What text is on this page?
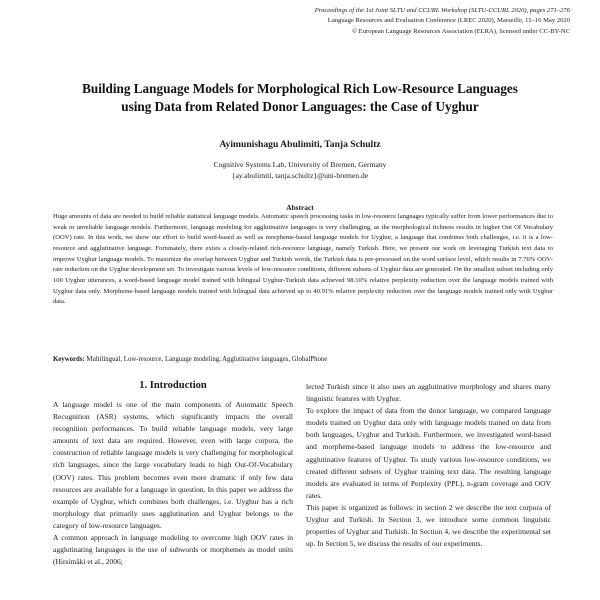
Proceedings of the 1st Joint SLTU and CCURL Workshop (SLTU-CCURL 2020), pages 271–276
Language Resources and Evaluation Conference (LREC 2020), Marseille, 11–16 May 2020
© European Language Resources Association (ELRA), licensed under CC-BY-NC
Building Language Models for Morphological Rich Low-Resource Languages
using Data from Related Donor Languages: the Case of Uyghur
Ayimunishagu Abulimiti, Tanja Schultz
Cognitive Systems Lab, University of Bremen, Germany
{ay.abulimiti, tanja.schultz}@uni-bremen.de
Abstract
Huge amounts of data are needed to build reliable statistical language models. Automatic speech processing tasks in low-resource languages typically suffer from lower performances due to weak or unreliable language models. Furthermore, language modeling for agglutinative languages is very challenging, as the morphological richness results in higher Out Of Vocabulary (OOV) rate. In this work, we show our effort to build word-based as well as morpheme-based language models for Uyghur, a language that combines both challenges, i.e. it is a low-resource and agglutinative language. Fortunately, there exists a closely-related rich-resource language, namely Turkish. Here, we present our work on leveraging Turkish text data to improve Uyghur language models. To maximize the overlap between Uyghur and Turkish words, the Turkish data is pre-processed on the word surface level, which results in 7.76% OOV-rate reduction on the Uyghur development set. To investigate various levels of low-resource conditions, different subsets of Uyghur data are generated. On the smallest subset including only 100 Uyghur utterances, a word-based language model trained with bilingual Uyghur-Turkish data achieved 98.10% relative perplexity reduction over the language models trained with Uyghur data only. Morpheme-based language models trained with bilingual data achieved up to 40.91% relative perplexity reduction over the language models trained only with Uyghur data.
Keywords: Multilingual, Low-resource, Language modeling, Agglutinative languages, GlobalPhone
1. Introduction

A language model is one of the main components of Automatic Speech Recognition (ASR) systems, which significantly impacts the overall recognition performances. To build reliable language models, very large amounts of text data are required. However, even with large corpora, the construction of reliable language models is very challenging for morphological rich languages, since the large vocabulary leads to high Out-Of-Vocabulary (OOV) rates. This problem becomes even more dramatic if only few data resources are available for a language in question. In this paper we address the example of Uyghur, which combines both challenges, i.e. Uyghur has a rich morphology that primarily uses agglutination and Uyghur belongs to the category of low-resource languages.

A common approach in language modeling to overcome high OOV rates in agglutinating languages is the use of subwords or morphemes as model units (Hirsimäki et al., 2006;

lected Turkish since it also uses an agglutinative morphology and shares many linguistic features with Uyghur.

To explore the impact of data from the donor language, we compared language models trained on Uyghur data only with language models trained on data from both languages, Uyghur and Turkish. Furthermore, we investigated word-based and morpheme-based language models to address the low-resource and agglutinative features of Uyghur. To study various low-resource conditions, we created different subsets of Uyghur training text data. The resulting language models are evaluated in terms of Perplexity (PPL), n-gram coverage and OOV rates.

This paper is organized as follows: in section 2 we describe the text corpora of Uyghur and Turkish. In Section 3, we introduce some common linguistic properties of Uyghur and Turkish. In Section 4, we describe the experimental set up. In Section 5, we discuss the results of our experiments.
